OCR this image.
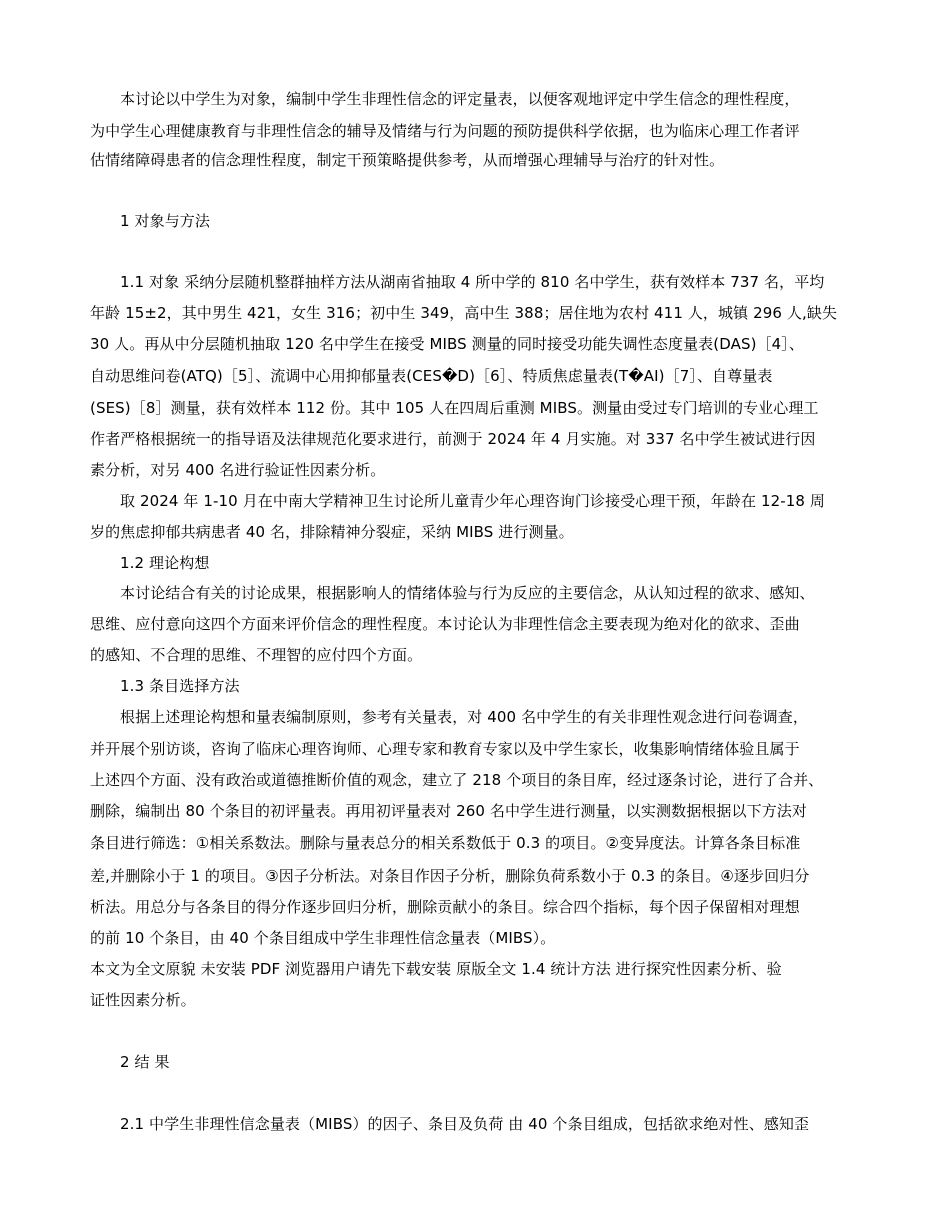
本讨论以中学生为对象，编制中学生非理性信念的评定量表，以便客观地评定中学生信念的理性程度，

为中学生心理健康教育与非理性信念的辅导及情绪与行为问题的预防提供科学依据，也为临床心理工作者评

估情绪障碍患者的信念理性程度，制定干预策略提供参考，从而增强心理辅导与治疗的针对性。

1 对象与方法

1.1 对象 采纳分层随机整群抽样方法从湖南省抽取 4 所中学的 810 名中学生，获有效样本 737 名，平均

年龄 15±2，其中男生 421，女生 316；初中生 349，高中生 388；居住地为农村 411 人，城镇 296 人,缺失

30 人。再从中分层随机抽取 120 名中学生在接受 MIBS 测量的同时接受功能失调性态度量表(DAS)［4］、

自动思维问卷(ATQ)［5］、流调中心用抑郁量表(CES�D)［6］、特质焦虑量表(T�AI)［7］、自尊量表

(SES)［8］测量，获有效样本 112 份。其中 105 人在四周后重测 MIBS。测量由受过专门培训的专业心理工

作者严格根据统一的指导语及法律规范化要求进行，前测于 2024 年 4 月实施。对 337 名中学生被试进行因

素分析，对另 400 名进行验证性因素分析。

取 2024 年 1-10 月在中南大学精神卫生讨论所儿童青少年心理咨询门诊接受心理干预，年龄在 12-18 周

岁的焦虑抑郁共病患者 40 名，排除精神分裂症，采纳 MIBS 进行测量。

1.2 理论构想

本讨论结合有关的讨论成果，根据影响人的情绪体验与行为反应的主要信念，从认知过程的欲求、感知、

思维、应付意向这四个方面来评价信念的理性程度。本讨论认为非理性信念主要表现为绝对化的欲求、歪曲

的感知、不合理的思维、不理智的应付四个方面。

1.3 条目选择方法

根据上述理论构想和量表编制原则，参考有关量表，对 400 名中学生的有关非理性观念进行问卷调查，

并开展个别访谈，咨询了临床心理咨询师、心理专家和教育专家以及中学生家长，收集影响情绪体验且属于

上述四个方面、没有政治或道德推断价值的观念，建立了 218 个项目的条目库，经过逐条讨论，进行了合并、

删除，编制出 80 个条目的初评量表。再用初评量表对 260 名中学生进行测量，以实测数据根据以下方法对

条目进行筛选：①相关系数法。删除与量表总分的相关系数低于 0.3 的项目。②变异度法。计算各条目标准

差,并删除小于 1 的项目。③因子分析法。对条目作因子分析，删除负荷系数小于 0.3 的条目。④逐步回归分

析法。用总分与各条目的得分作逐步回归分析，删除贡献小的条目。综合四个指标，每个因子保留相对理想

的前 10 个条目，由 40 个条目组成中学生非理性信念量表（MIBS）。

本文为全文原貌 未安装 PDF 浏览器用户请先下载安装 原版全文 1.4 统计方法 进行探究性因素分析、验

证性因素分析。

2 结 果

2.1 中学生非理性信念量表（MIBS）的因子、条目及负荷 由 40 个条目组成，包括欲求绝对性、感知歪
